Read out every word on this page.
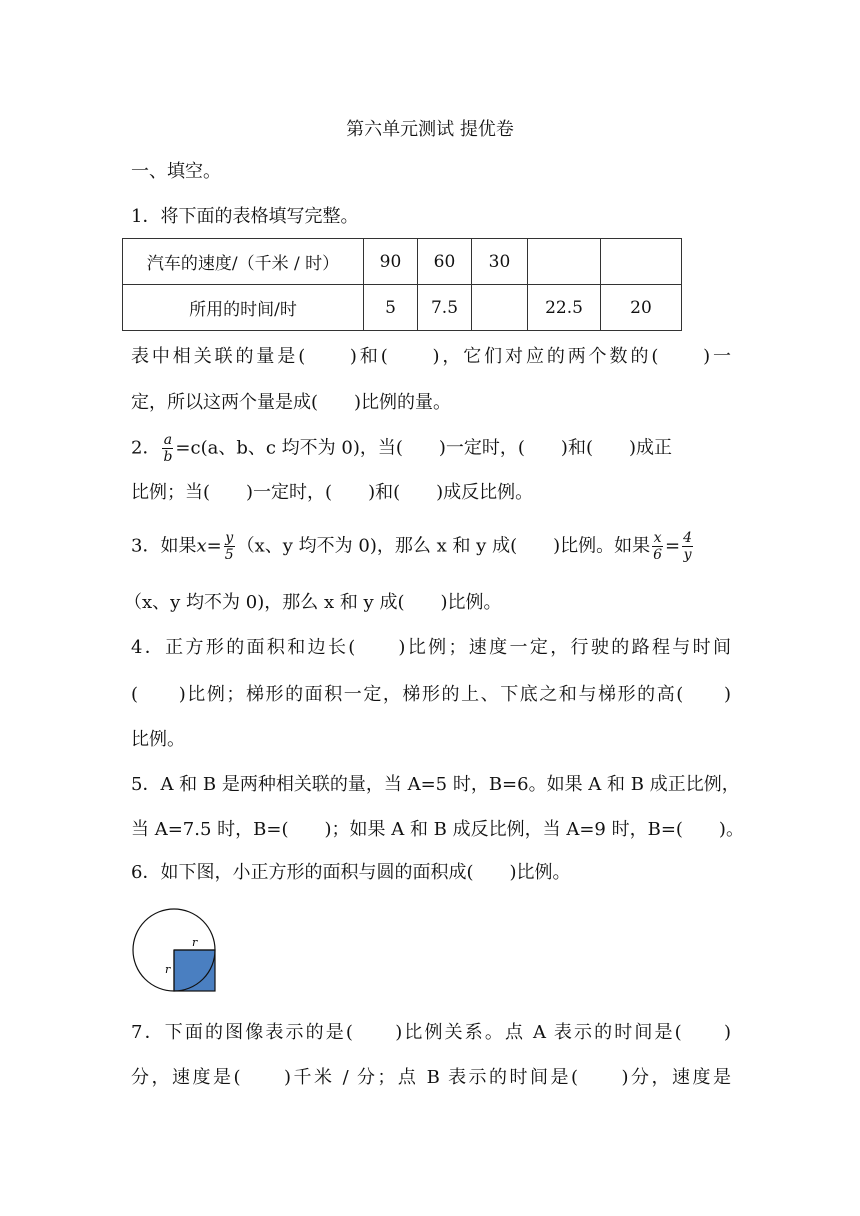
第六单元测试 提优卷
一、填空。
1．将下面的表格填写完整。
汽车的速度/（千米 / 时）	90	60	30		
所用的时间/时	5	7.5		22.5	20
表中相关联的量是(　　)和(　　)，它们对应的两个数的(　　)一
定，所以这两个量是成(　　)比例的量。
2． $\frac{a}{b} =c(a$、b、c 均不为 0)，当(　　)一定时，(　　)和(　　)成正
比例；当(　　)一定时，(　　)和(　　)成反比例。
3．如果$x= \frac{y}{5} (x$、y 均不为 0)，那么 x 和 y 成(　　)比例。如果 $\frac{x}{6} = \frac{4}{y}$
（x、y 均不为 0)，那么 x 和 y 成(　　)比例。
4．正方形的面积和边长(　　)比例；速度一定，行驶的路程与时间
(　　)比例；梯形的面积一定，梯形的上、下底之和与梯形的高(　　)
比例。
5．A 和 B 是两种相关联的量，当 A=5 时，B=6。如果 A 和 B 成正比例，
当 A=7.5 时，B=(　　)；如果 A 和 B 成反比例，当 A=9 时，B=(　　)。
6．如下图，小正方形的面积与圆的面积成(　　)比例。
r
r
7．下面的图像表示的是(　　)比例关系。点 A 表示的时间是(　　)
分，速度是(　　)千米 / 分；点 B 表示的时间是(　　)分，速度是
